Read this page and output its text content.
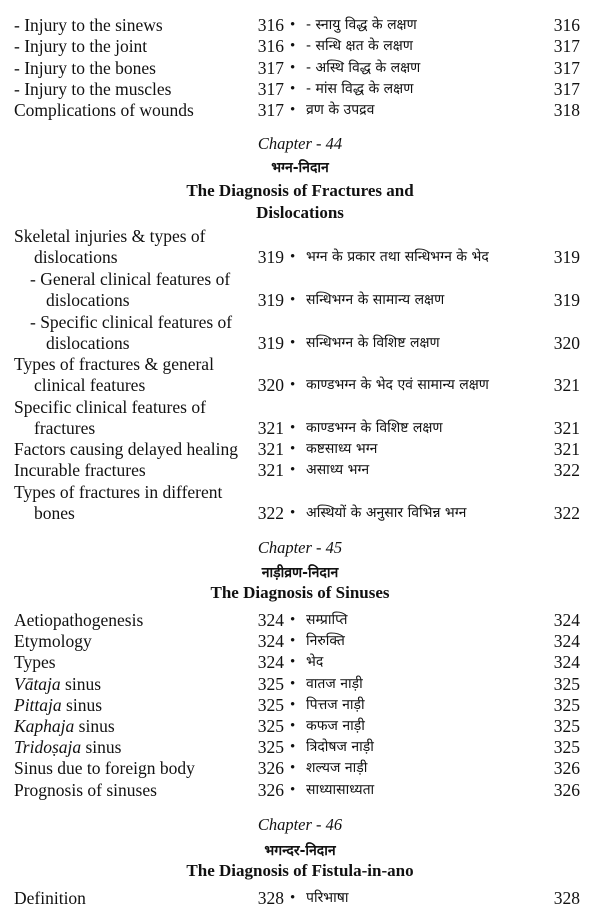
- Injury to the sinews	316 • - स्नायु विद्ध के लक्षण	316
- Injury to the joint	316 • - सन्धि क्षत के लक्षण	317
- Injury to the bones	317 • - अस्थि विद्ध के लक्षण	317
- Injury to the muscles	317 • - मांस विद्ध के लक्षण	317
Complications of wounds	317 • व्रण के उपद्रव	318
Chapter - 44
भग्न-निदान
The Diagnosis of Fractures and
Dislocations
Skeletal injuries & types of
dislocations	319 • भग्न के प्रकार तथा सन्धिभग्न के भेद	319
- General clinical features of
dislocations	319 • सन्धिभग्न के सामान्य लक्षण	319
- Specific clinical features of
dislocations	319 • सन्धिभग्न के विशिष्ट लक्षण	320
Types of fractures & general
clinical features	320 • काण्डभग्न के भेद एवं सामान्य लक्षण	321
Specific clinical features of
fractures	321 • काण्डभग्न के विशिष्ट लक्षण	321
Factors causing delayed healing	321 • कष्टसाध्य भग्न	321
Incurable fractures	321 • असाध्य भग्न	322
Types of fractures in different
bones	322 • अस्थियों के अनुसार विभिन्न भग्न	322
Chapter - 45
नाड़ीव्रण-निदान
The Diagnosis of Sinuses
Aetiopathogenesis	324 • सम्प्राप्ति	324
Etymology	324 • निरुक्ति	324
Types	324 • भेद	324
Vātaja sinus	325 • वातज नाड़ी	325
Pittaja sinus	325 • पित्तज नाड़ी	325
Kaphaja sinus	325 • कफज नाड़ी	325
Tridoṣaja sinus	325 • त्रिदोषज नाड़ी	325
Sinus due to foreign body	326 • शल्यज नाड़ी	326
Prognosis of sinuses	326 • साध्यासाध्यता	326
Chapter - 46
भगन्दर-निदान
The Diagnosis of Fistula-in-ano
Definition	328 • परिभाषा	328
